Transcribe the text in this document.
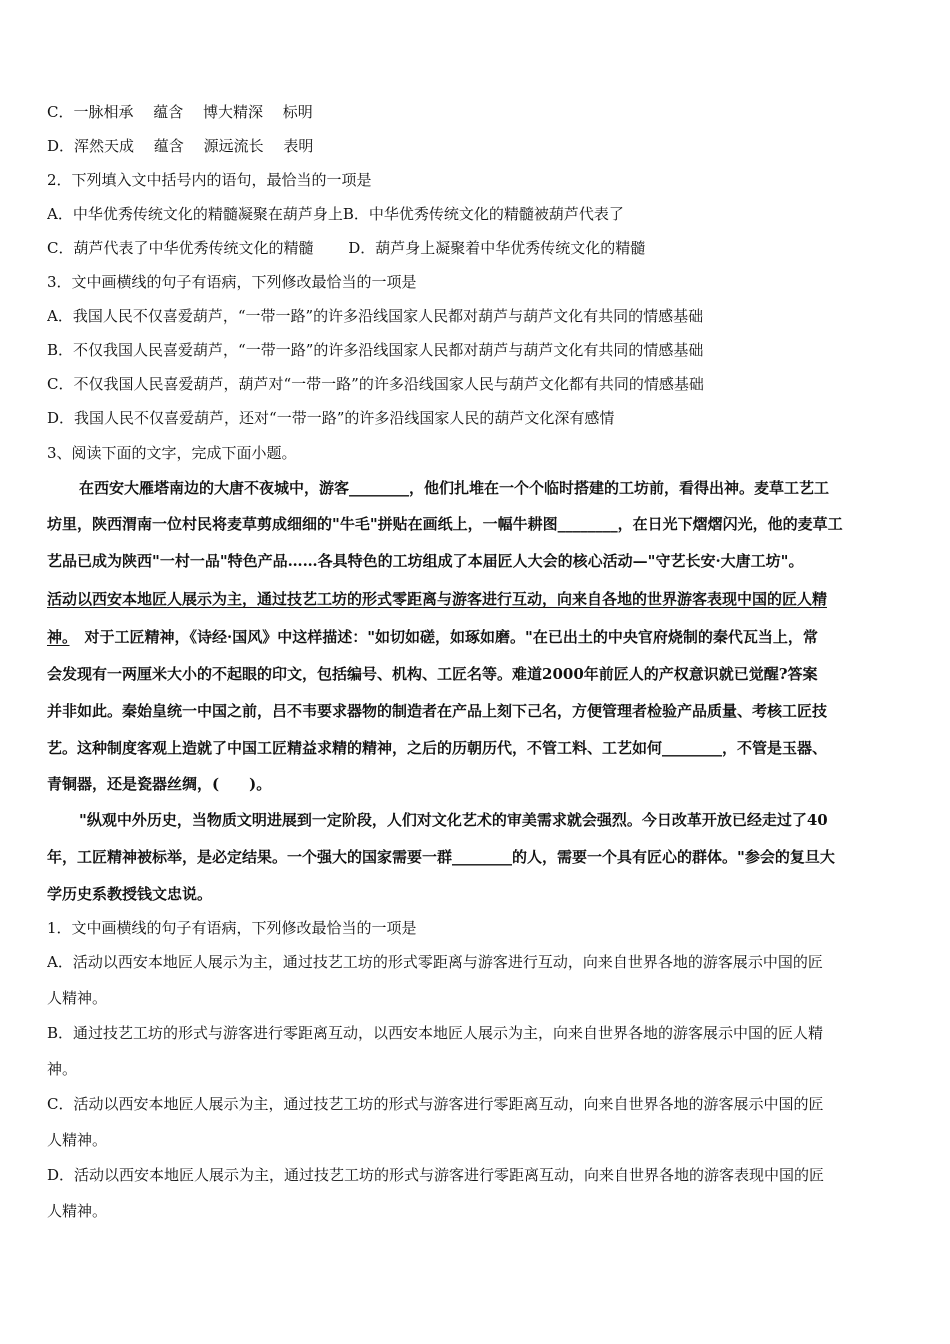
C．一脉相承　 蕴含　 博大精深　 标明
D．浑然天成　 蕴含　 源远流长　 表明
2．下列填入文中括号内的语句，最恰当的一项是
A．中华优秀传统文化的精髓凝聚在葫芦身上B．中华优秀传统文化的精髓被葫芦代表了
C．葫芦代表了中华优秀传统文化的精髓　　 D．葫芦身上凝聚着中华优秀传统文化的精髓
3．文中画横线的句子有语病，下列修改最恰当的一项是
A．我国人民不仅喜爱葫芦，“一带一路”的许多沿线国家人民都对葫芦与葫芦文化有共同的情感基础
B．不仅我国人民喜爱葫芦，“一带一路”的许多沿线国家人民都对葫芦与葫芦文化有共同的情感基础
C．不仅我国人民喜爱葫芦，葫芦对“一带一路”的许多沿线国家人民与葫芦文化都有共同的情感基础
D．我国人民不仅喜爱葫芦，还对“一带一路”的许多沿线国家人民的葫芦文化深有感情
3、阅读下面的文字，完成下面小题。
在西安大雁塔南边的大唐不夜城中，游客________，他们扎堆在一个个临时搭建的工坊前，看得出神。麦草工艺工
坊里，陕西渭南一位村民将麦草剪成细细的"牛毛"拼贴在画纸上，一幅牛耕图________，在日光下熠熠闪光，他的麦草工
艺品已成为陕西"一村一品"特色产品……各具特色的工坊组成了本届匠人大会的核心活动—"守艺长安·大唐工坊"。
活动以西安本地匠人展示为主，通过技艺工坊的形式零距离与游客进行互动，向来自各地的世界游客表现中国的匠人精
神。　对于工匠精神，《诗经·国风》中这样描述："如切如磋，如琢如磨。"在已出土的中央官府烧制的秦代瓦当上，常
会发现有一两厘米大小的不起眼的印文，包括编号、机构、工匠名等。难道2000年前匠人的产权意识就已觉醒?答案
并非如此。秦始皇统一中国之前，吕不韦要求器物的制造者在产品上刻下己名，方便管理者检验产品质量、考核工匠技
艺。这种制度客观上造就了中国工匠精益求精的精神，之后的历朝历代，不管工料、工艺如何________，不管是玉器、
青铜器，还是瓷器丝绸，(　　)。
"纵观中外历史，当物质文明进展到一定阶段，人们对文化艺术的审美需求就会强烈。今日改革开放已经走过了40
年，工匠精神被标举，是必定结果。一个强大的国家需要一群________的人，需要一个具有匠心的群体。"参会的复旦大
学历史系教授钱文忠说。
1．文中画横线的句子有语病，下列修改最恰当的一项是
A．活动以西安本地匠人展示为主，通过技艺工坊的形式零距离与游客进行互动，向来自世界各地的游客展示中国的匠
人精神。
B．通过技艺工坊的形式与游客进行零距离互动，以西安本地匠人展示为主，向来自世界各地的游客展示中国的匠人精
神。
C．活动以西安本地匠人展示为主，通过技艺工坊的形式与游客进行零距离互动，向来自世界各地的游客展示中国的匠
人精神。
D．活动以西安本地匠人展示为主，通过技艺工坊的形式与游客进行零距离互动，向来自世界各地的游客表现中国的匠
人精神。
